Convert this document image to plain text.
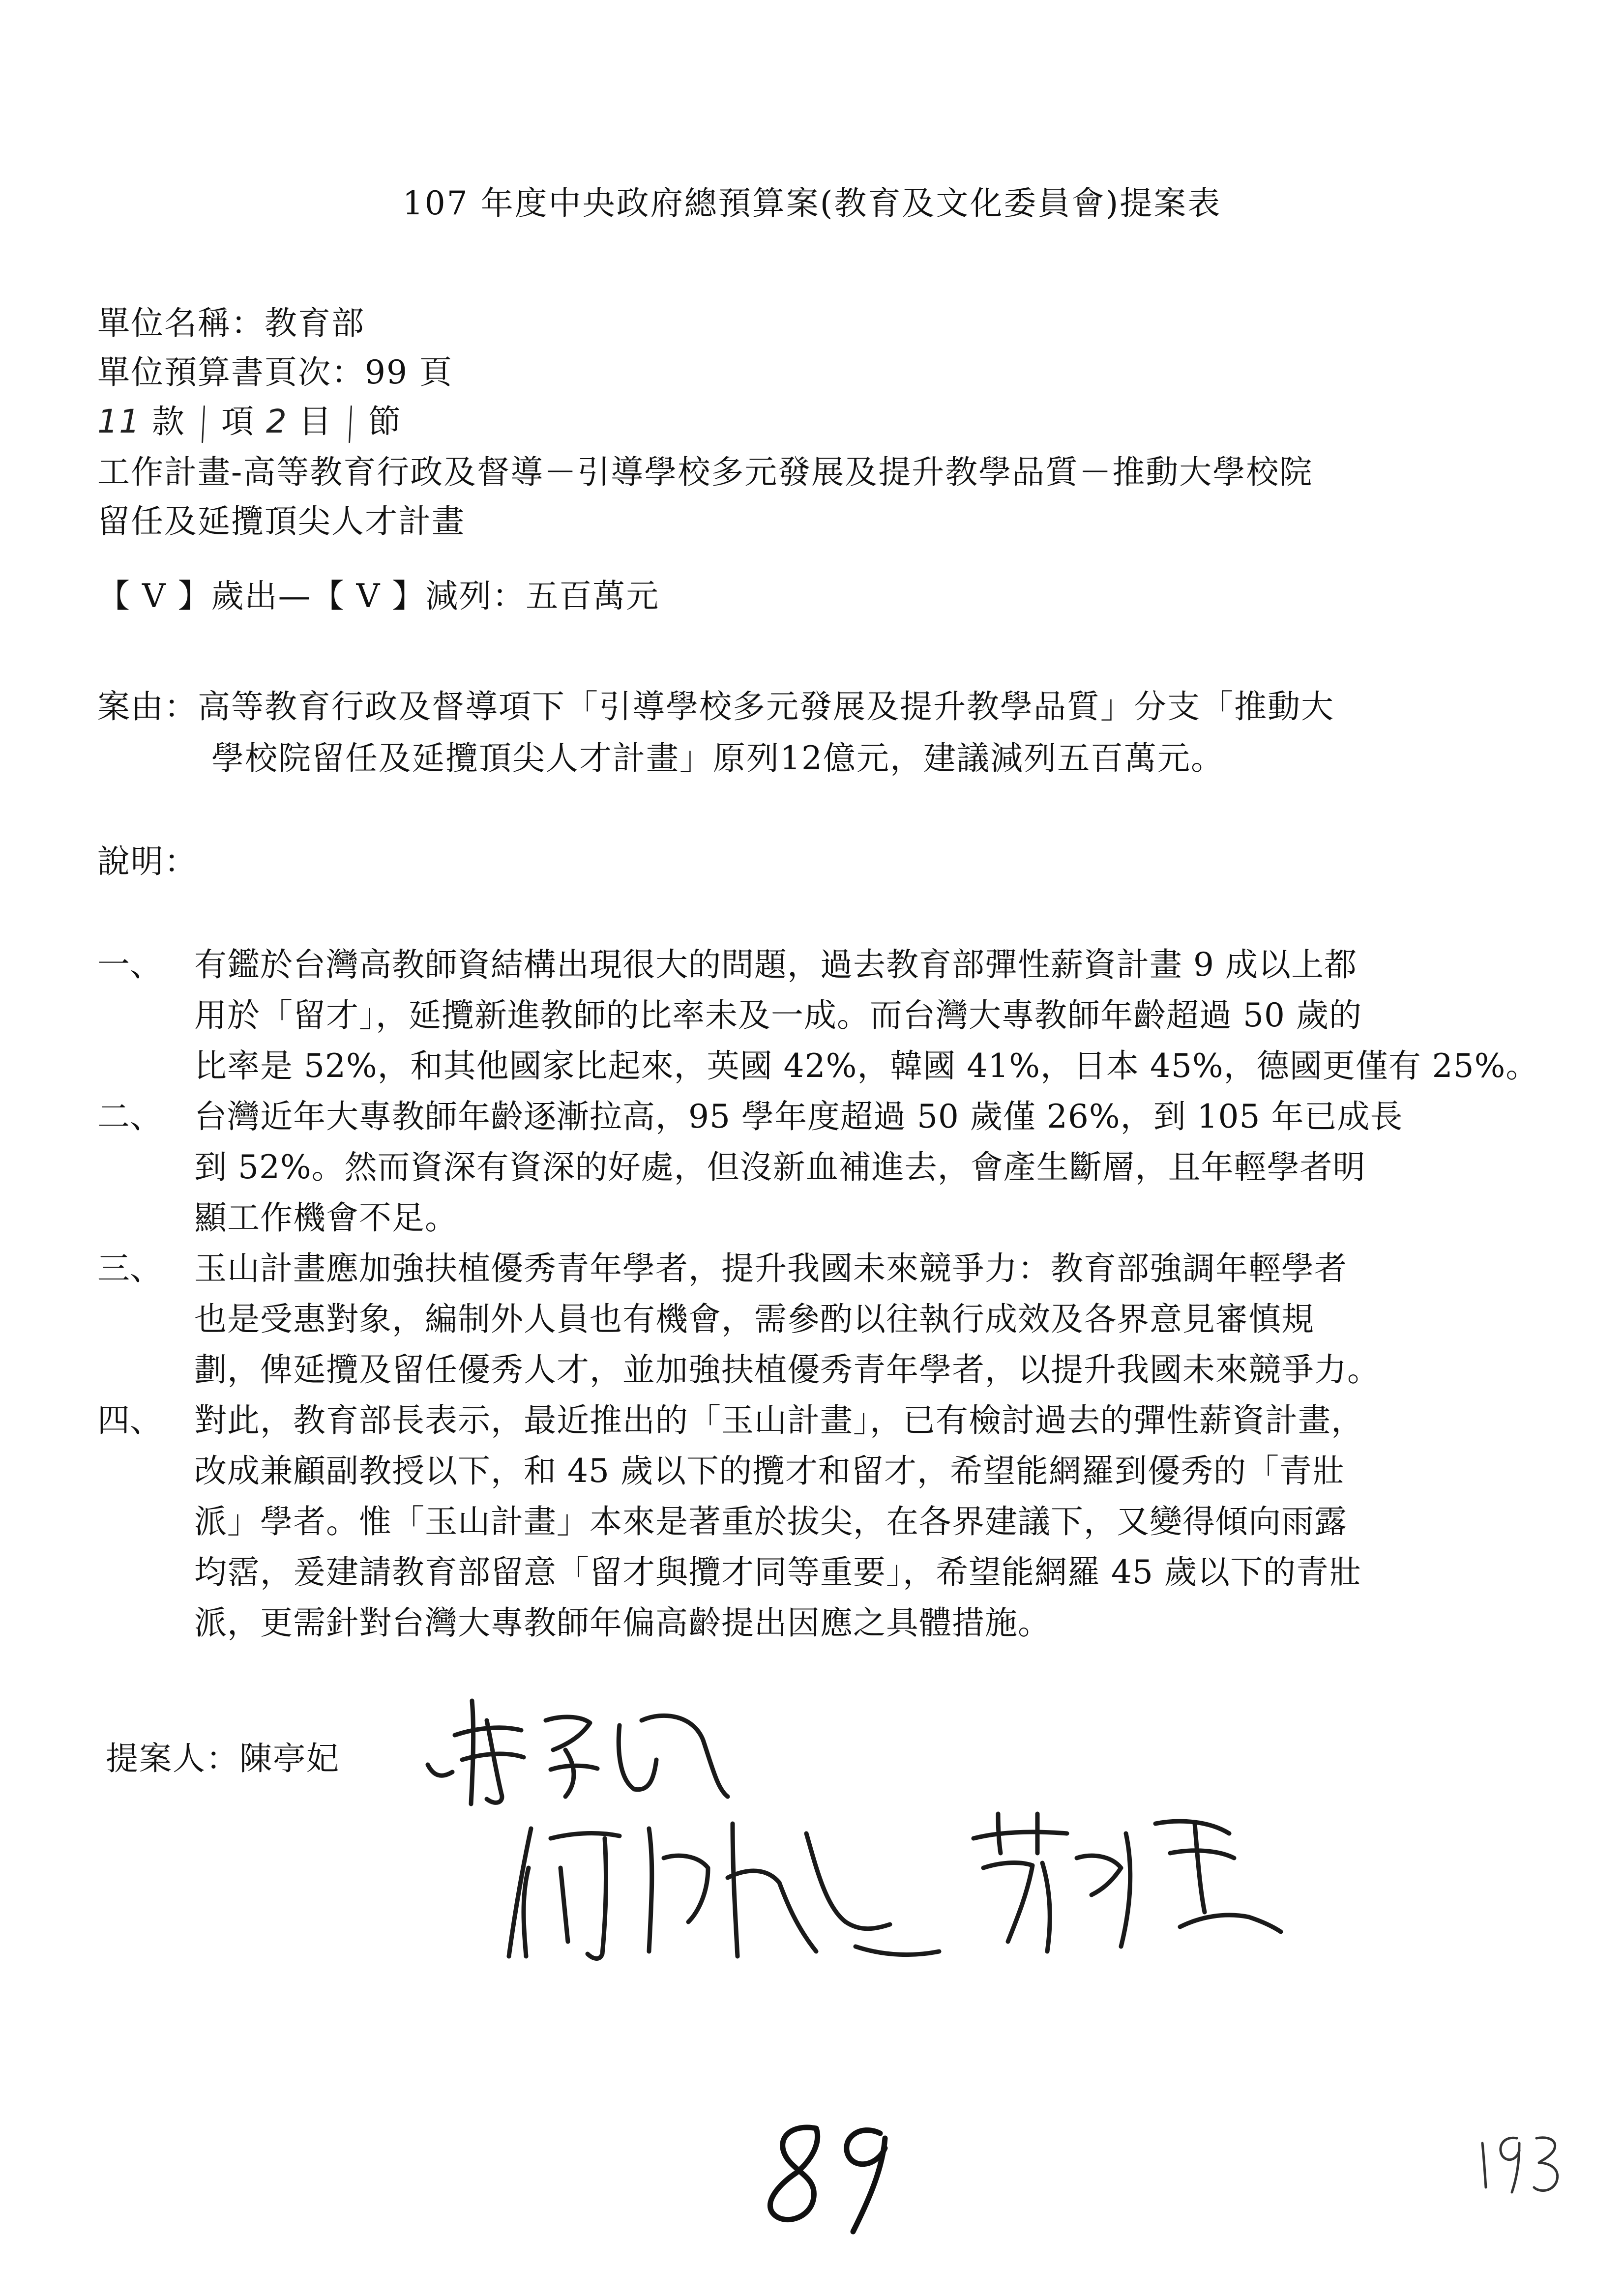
107 年度中央政府總預算案(教育及文化委員會)提案表
單位名稱：教育部
單位預算書頁次：99 頁
11 款 項 2 目 節
工作計畫-高等教育行政及督導－引導學校多元發展及提升教學品質－推動大學校院
留任及延攬頂尖人才計畫
【 V 】歲出—【 V 】減列：五百萬元
案由：高等教育行政及督導項下「引導學校多元發展及提升教學品質」分支「推動大
學校院留任及延攬頂尖人才計畫」原列12億元，建議減列五百萬元。
說明：
一、 有鑑於台灣高教師資結構出現很大的問題，過去教育部彈性薪資計畫 9 成以上都
用於「留才」，延攬新進教師的比率未及一成。而台灣大專教師年齡超過 50 歲的
比率是 52%，和其他國家比起來，英國 42%，韓國 41%，日本 45%，德國更僅有 25%。
二、 台灣近年大專教師年齡逐漸拉高，95 學年度超過 50 歲僅 26%，到 105 年已成長
到 52%。然而資深有資深的好處，但沒新血補進去，會產生斷層，且年輕學者明
顯工作機會不足。
三、 玉山計畫應加強扶植優秀青年學者，提升我國未來競爭力：教育部強調年輕學者
也是受惠對象，編制外人員也有機會，需參酌以往執行成效及各界意見審慎規
劃，俾延攬及留任優秀人才，並加強扶植優秀青年學者，以提升我國未來競爭力。
四、 對此，教育部長表示，最近推出的「玉山計畫」，已有檢討過去的彈性薪資計畫，
改成兼顧副教授以下，和 45 歲以下的攬才和留才，希望能網羅到優秀的「青壯
派」學者。惟「玉山計畫」本來是著重於拔尖，在各界建議下，又變得傾向雨露
均霑，爰建請教育部留意「留才與攬才同等重要」，希望能網羅 45 歲以下的青壯
派，更需針對台灣大專教師年偏高齡提出因應之具體措施。
提案人：陳亭妃
